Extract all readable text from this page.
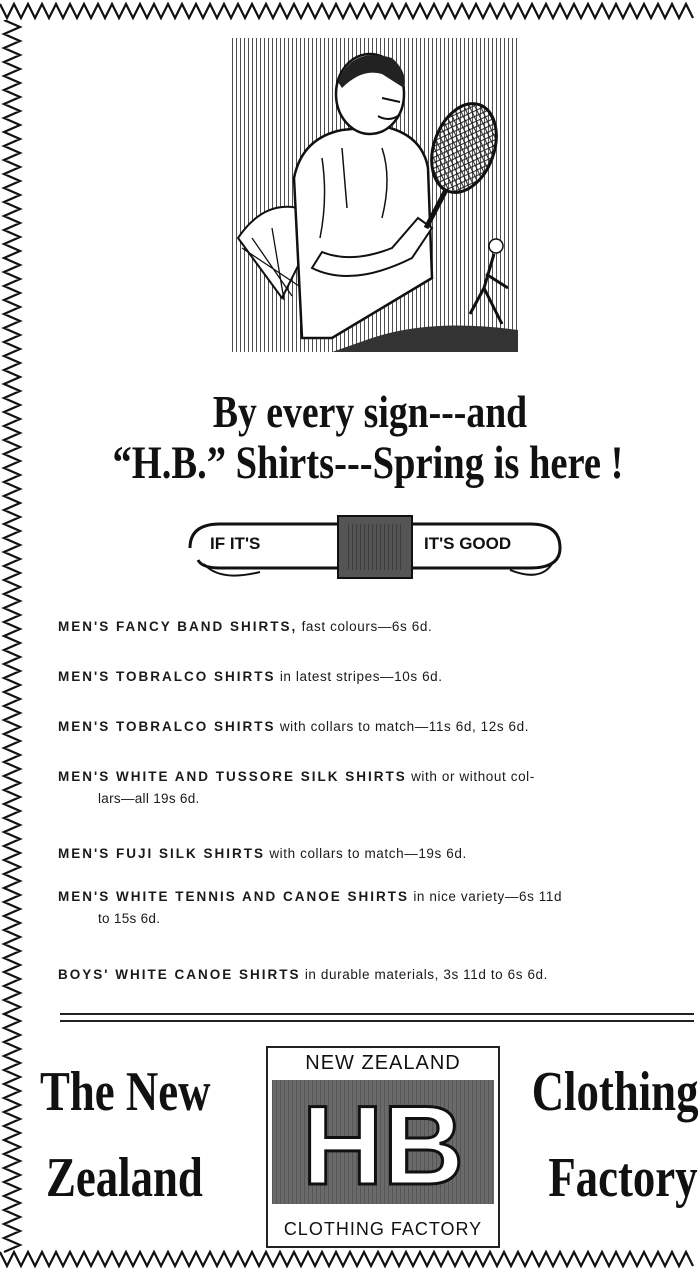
By every sign---and
“H.B.” Shirts---Spring is here !
IF IT'S	IT'S GOOD
MEN'S FANCY BAND SHIRTS, fast colours—6s 6d.
MEN'S TOBRALCO SHIRTS in latest stripes—10s 6d.
MEN'S TOBRALCO SHIRTS with collars to match—11s 6d, 12s 6d.
MEN'S WHITE AND TUSSORE SILK SHIRTS with or without col-
lars—all 19s 6d.
MEN'S FUJI SILK SHIRTS with collars to match—19s 6d.
MEN'S WHITE TENNIS AND CANOE SHIRTS in nice variety—6s 11d
to 15s 6d.
BOYS' WHITE CANOE SHIRTS in durable materials, 3s 11d to 6s 6d.
The New
Zealand
Clothing
Factory
NEW ZEALAND
HB
CLOTHING FACTORY
